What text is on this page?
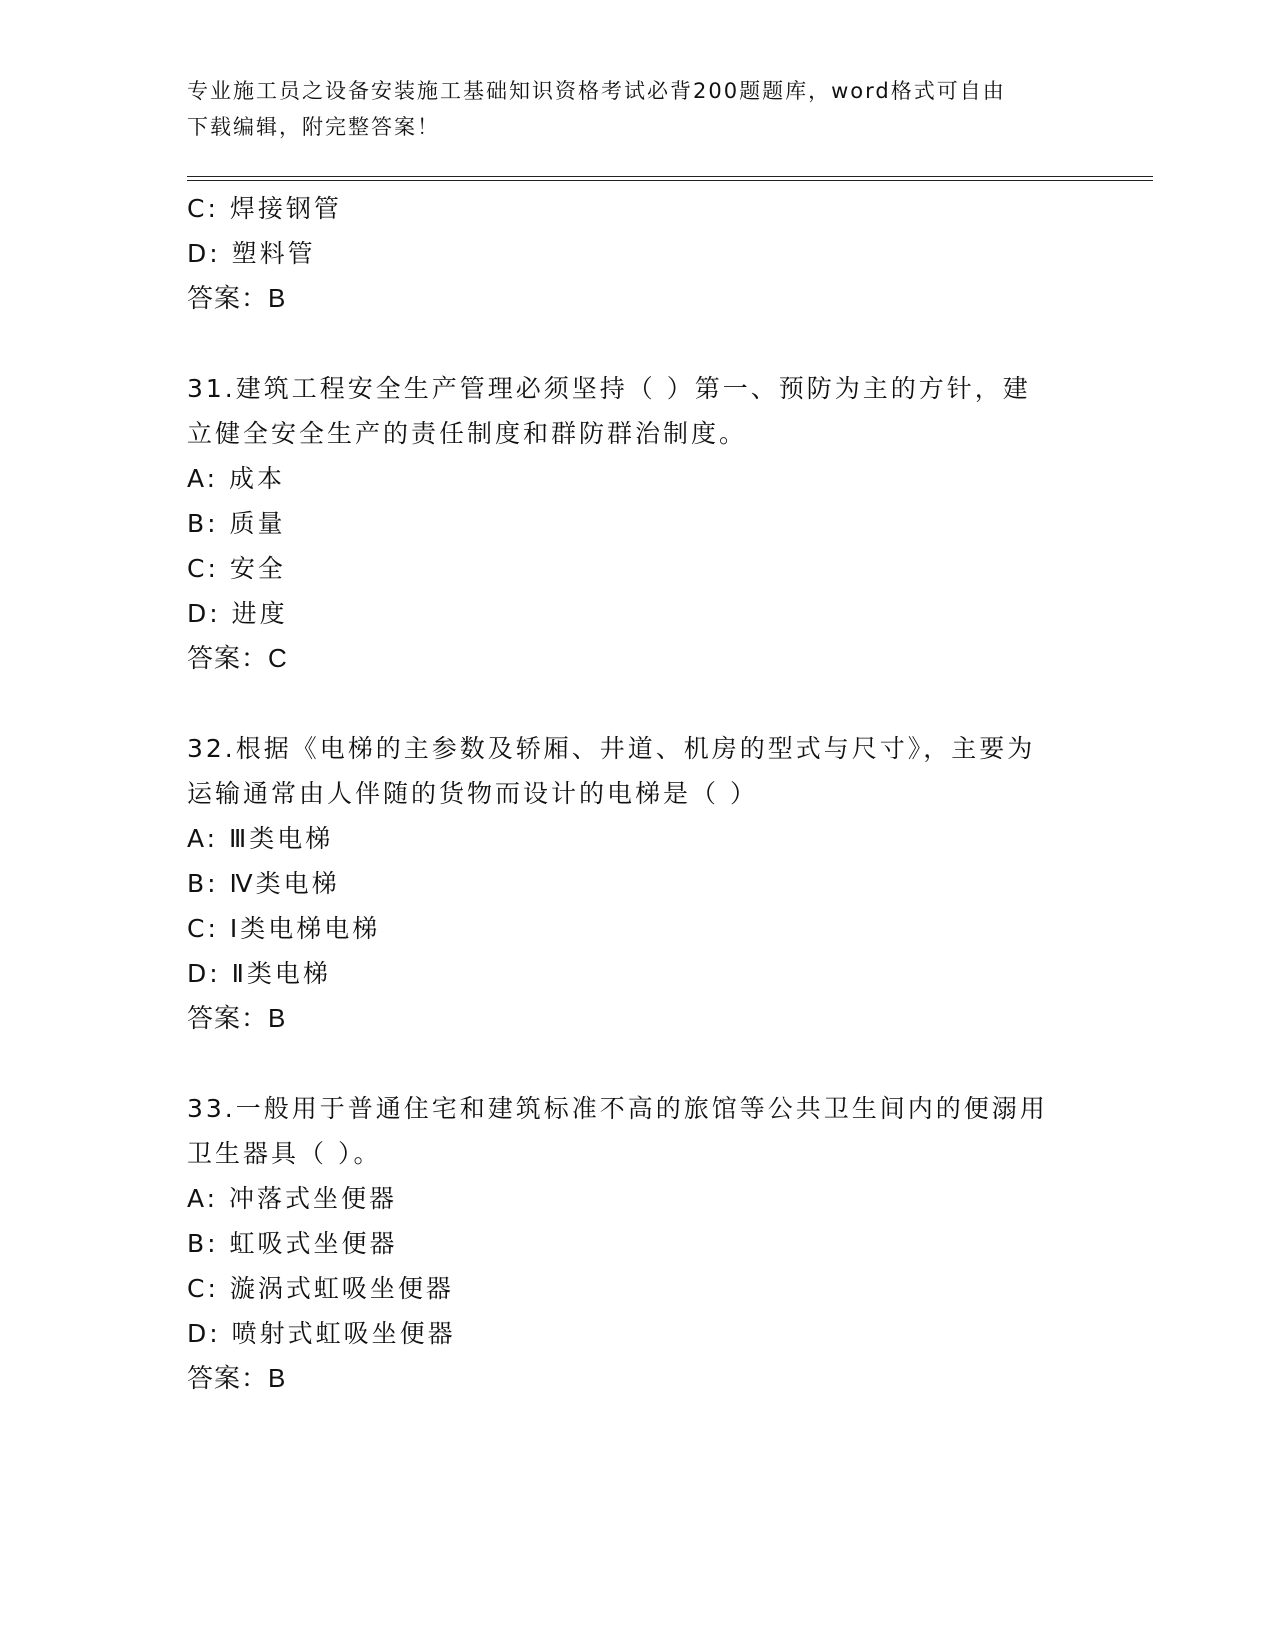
专业施工员之设备安装施工基础知识资格考试必背200题题库，word格式可自由
下载编辑，附完整答案！
C: 焊接钢管
D: 塑料管
答案：B
31.建筑工程安全生产管理必须坚持（ ）第一、预防为主的方针，建
立健全安全生产的责任制度和群防群治制度。
A: 成本
B: 质量
C: 安全
D: 进度
答案：C
32.根据《电梯的主参数及轿厢、井道、机房的型式与尺寸》，主要为
运输通常由人伴随的货物而设计的电梯是（ ）
A: Ⅲ类电梯
B: Ⅳ类电梯
C: Ⅰ类电梯电梯
D: Ⅱ类电梯
答案：B
33.一般用于普通住宅和建筑标准不高的旅馆等公共卫生间内的便溺用
卫生器具（ ）。
A: 冲落式坐便器
B: 虹吸式坐便器
C: 漩涡式虹吸坐便器
D: 喷射式虹吸坐便器
答案：B
